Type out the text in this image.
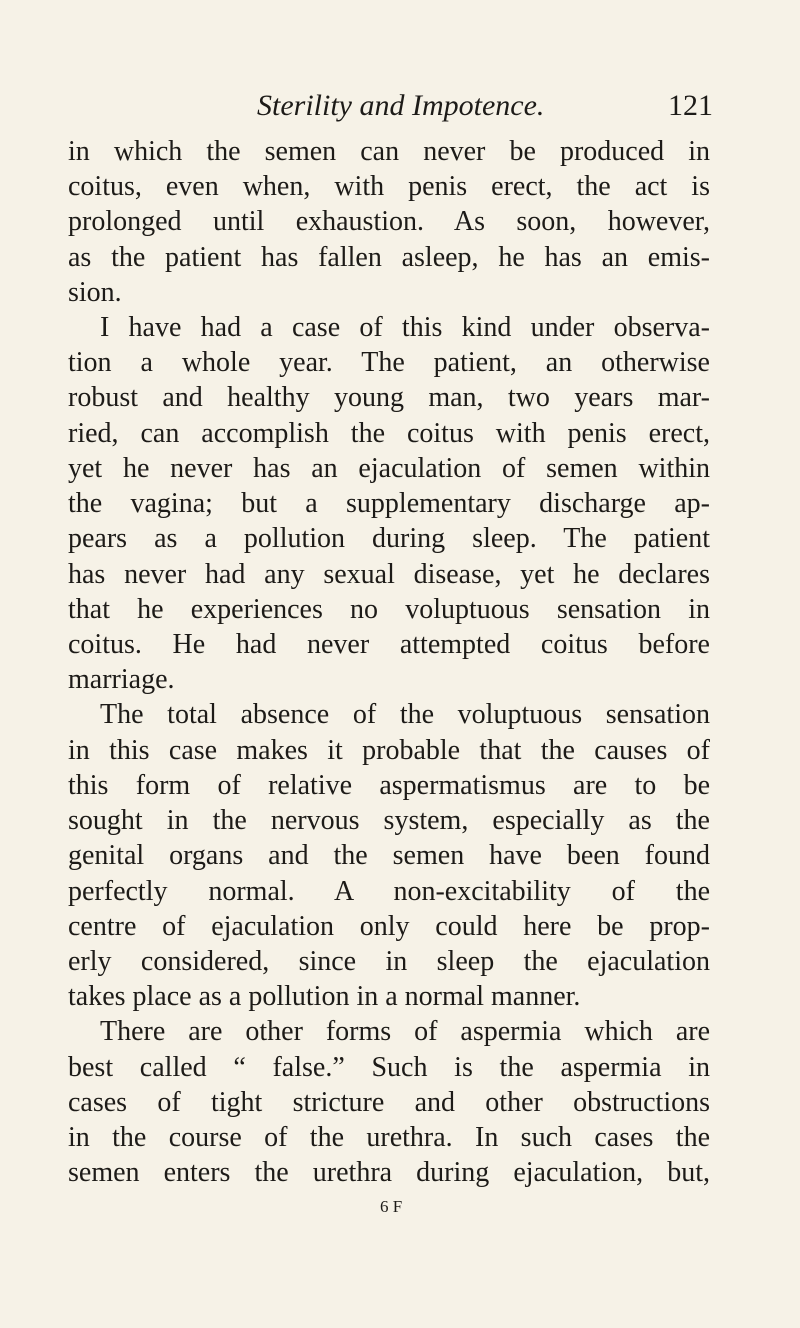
Sterility and Impotence.	121
in which the semen can never be produced in
coitus, even when, with penis erect, the act is
prolonged until exhaustion. As soon, however,
as the patient has fallen asleep, he has an emis-
sion.
I have had a case of this kind under observa-
tion a whole year. The patient, an otherwise
robust and healthy young man, two years mar-
ried, can accomplish the coitus with penis erect,
yet he never has an ejaculation of semen within
the vagina; but a supplementary discharge ap-
pears as a pollution during sleep. The patient
has never had any sexual disease, yet he declares
that he experiences no voluptuous sensation in
coitus. He had never attempted coitus before
marriage.
The total absence of the voluptuous sensation
in this case makes it probable that the causes of
this form of relative aspermatismus are to be
sought in the nervous system, especially as the
genital organs and the semen have been found
perfectly normal. A non-excitability of the
centre of ejaculation only could here be prop-
erly considered, since in sleep the ejaculation
takes place as a pollution in a normal manner.
There are other forms of aspermia which are
best called “ false.” Such is the aspermia in
cases of tight stricture and other obstructions
in the course of the urethra. In such cases the
semen enters the urethra during ejaculation, but,
6 F
